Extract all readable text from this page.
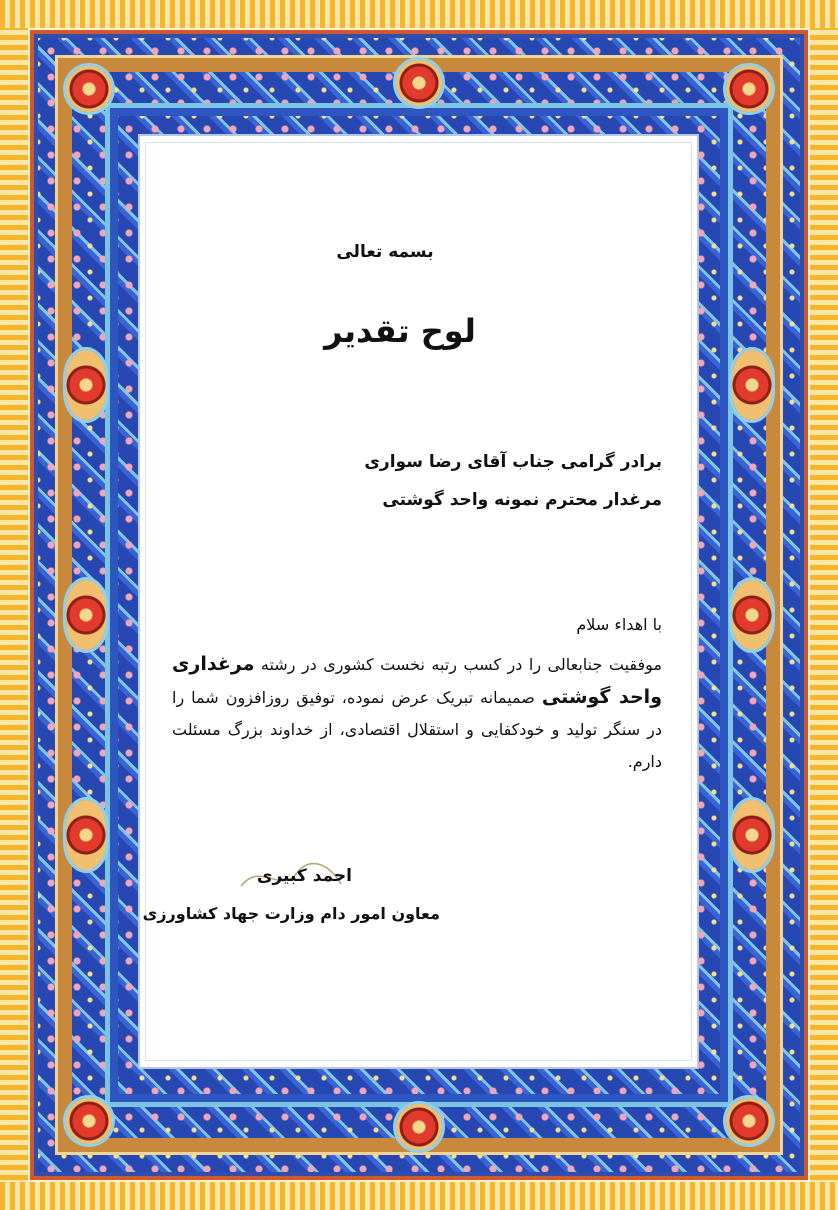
بسمه تعالی
لوح تقدیر
برادر گرامی جناب آقای رضا سواری
مرغدار محترم نمونه واحد گوشتی
با اهداء سلام
موفقیت جنابعالی را در کسب رتبه نخست کشوری در رشته مرغداری واحد گوشتی صمیمانه تبریک عرض نموده، توفیق روزافزون شما را در سنگر تولید و خودکفایی و استقلال اقتصادی، از خداوند بزرگ مسئلت دارم.
احمد کبیری
معاون امور دام وزارت جهاد کشاورزی
